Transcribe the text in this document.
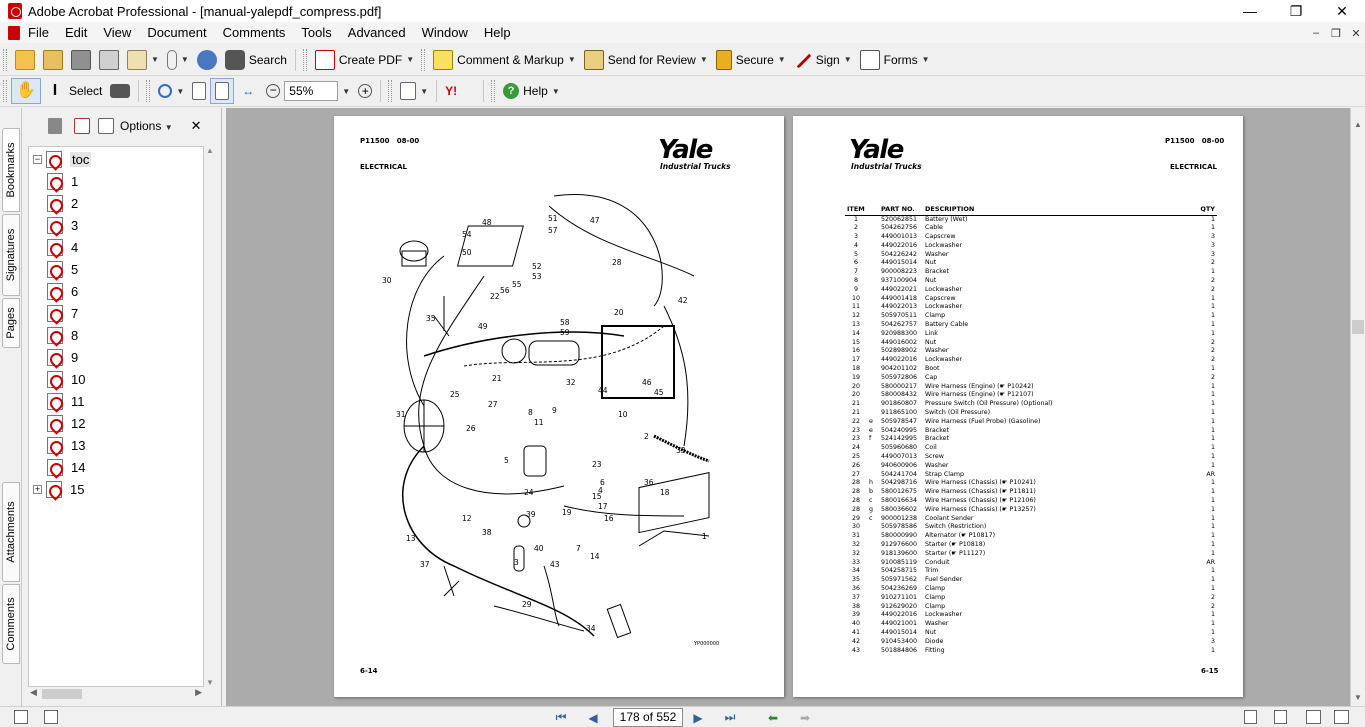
Adobe Acrobat Professional - [manual-yalepdf_compress.pdf]	—	❐	✕
File	Edit	View	Document	Comments	Tools	Advanced	Window	Help	–	❐ ✕
▼	▼	Search	Create PDF ▼	Comment & Markup ▼	Send for Review ▼ Secure ▼	Sign ▼	Forms ▼
✋	I Select	▼	↔	−	55%	▼ +	▼ Y!	? Help ▼
Bookmarks
Signatures
Pages
Attachments
Comments
Options ▼ ✕
− toc
1
2
3
4
5
6
7
8
9
10
11
12
13
14
+ 15
▲
▼
◀	▶
P11500 08-00
ELECTRICAL
Yale
Industrial Trucks
1
2
3
4
5
6
7
8	9	10
11
12
13
14
15
16
17
18
19
20
21
22
23
24
25
26
27
28
29
30
31
32
33
34
35
36
37
38
39
40
42
43
44	45
46
47
48
49
50
51
52
53
54
55
56
57
58
59
6-14
YP000000
Yale
Industrial Trucks
P11500 08-00
ELECTRICAL
ITEM		PART NO.	DESCRIPTION	QTY
1		520062851	Battery (Wet)	1
2		504262756	Cable	1
3		449001013	Capscrew	3
4		449022016	Lockwasher	3
5		504226242	Washer	3
6		449015014	Nut	2
7		900008223	Bracket	1
8		937100904	Nut	2
9		449022021	Lockwasher	2
10		449001418	Capscrew	1
11		449022013	Lockwasher	1
12		505970511	Clamp	1
13		504262757	Battery Cable	1
14		920988300	Link	1
15		449016002	Nut	2
16		502898902	Washer	2
17		449022016	Lockwasher	2
18		904201102	Boot	1
19		505972806	Cap	2
20		580000217	Wire Harness (Engine) (☛ P10242)	1
20		580008432	Wire Harness (Engine) (☛ P12107)	1
21		901860807	Pressure Switch (Oil Pressure) (Optional)	1
21		911865100	Switch (Oil Pressure)	1
22	e	505978547	Wire Harness (Fuel Probe) (Gasoline)	1
23	e	504240995	Bracket	1
23	f	524142995	Bracket	1
24		505960680	Coil	1
25		449007013	Screw	1
26		940600906	Washer	1
27		504241704	Strap Clamp	AR
28	h	504298716	Wire Harness (Chassis) (☛ P10241)	1
28	b	580012675	Wire Harness (Chassis) (☛ P11811)	1
28	c	580016634	Wire Harness (Chassis) (☛ P12106)	1
28	g	580036602	Wire Harness (Chassis) (☛ P13257)	1
29	c	900001238	Coolant Sender	1
30		505978586	Switch (Restriction)	1
31		580000990	Alternator (☛ P10817)	1
32		912976600	Starter (☛ P10818)	1
32		918139600	Starter (☛ P11127)	1
33		910085119	Conduit	AR
34		504258715	Trim	1
35		505971562	Fuel Sender	1
36		504236269	Clamp	1
37		910271101	Clamp	2
38		912629020	Clamp	2
39		449022016	Lockwasher	1
40		449021001	Washer	1
41		449015014	Nut	1
42		910453400	Diode	3
43		501884806	Fitting	1
6-15
▲
▼
⏮	◀	178 of 552	▶	⏭	⬅	➡
